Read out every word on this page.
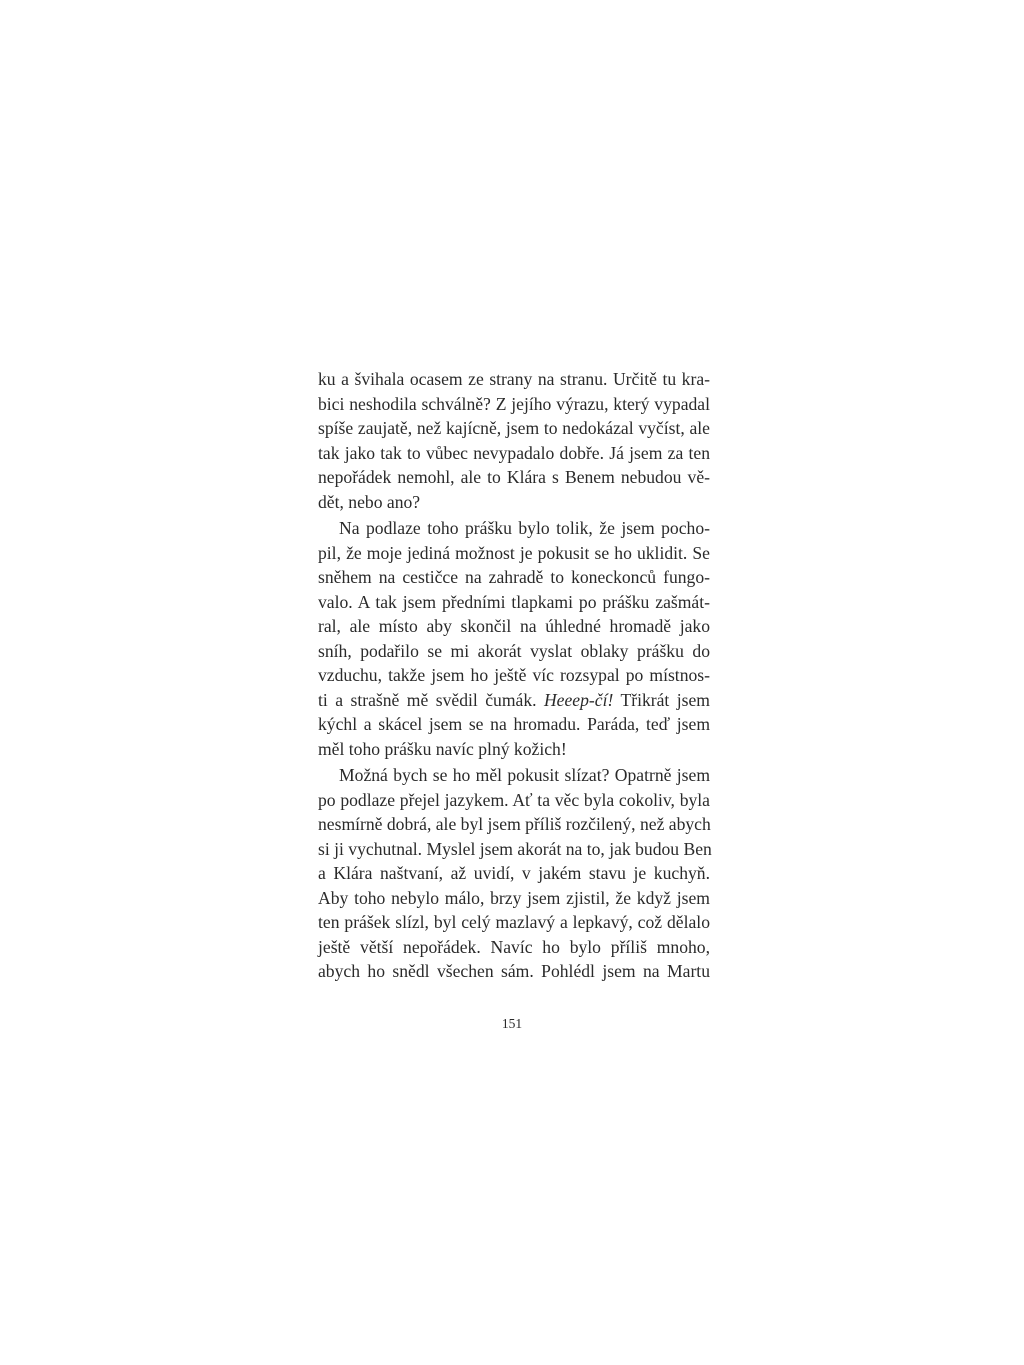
ku a švihala ocasem ze strany na stranu. Určitě tu kra-
bici neshodila schválně? Z jejího výrazu, který vypadal
spíše zaujatě, než kajícně, jsem to nedokázal vyčíst, ale
tak jako tak to vůbec nevypadalo dobře. Já jsem za ten
nepořádek nemohl, ale to Klára s Benem nebudou vě-
dět, nebo ano?
Na podlaze toho prášku bylo tolik, že jsem pocho-
pil, že moje jediná možnost je pokusit se ho uklidit. Se
sněhem na cestičce na zahradě to koneckonců fungo-
valo. A tak jsem předními tlapkami po prášku zašmát-
ral, ale místo aby skončil na úhledné hromadě jako
sníh, podařilo se mi akorát vyslat oblaky prášku do
vzduchu, takže jsem ho ještě víc rozsypal po místnos-
ti a strašně mě svědil čumák. Heeep-čí! Třikrát jsem
kýchl a skácel jsem se na hromadu. Paráda, teď jsem
měl toho prášku navíc plný kožich!
Možná bych se ho měl pokusit slízat? Opatrně jsem
po podlaze přejel jazykem. Ať ta věc byla cokoliv, byla
nesmírně dobrá, ale byl jsem příliš rozčilený, než abych
si ji vychutnal. Myslel jsem akorát na to, jak budou Ben
a Klára naštvaní, až uvidí, v jakém stavu je kuchyň.
Aby toho nebylo málo, brzy jsem zjistil, že když jsem
ten prášek slízl, byl celý mazlavý a lepkavý, což dělalo
ještě větší nepořádek. Navíc ho bylo příliš mnoho,
abych ho snědl všechen sám. Pohlédl jsem na Martu
151
